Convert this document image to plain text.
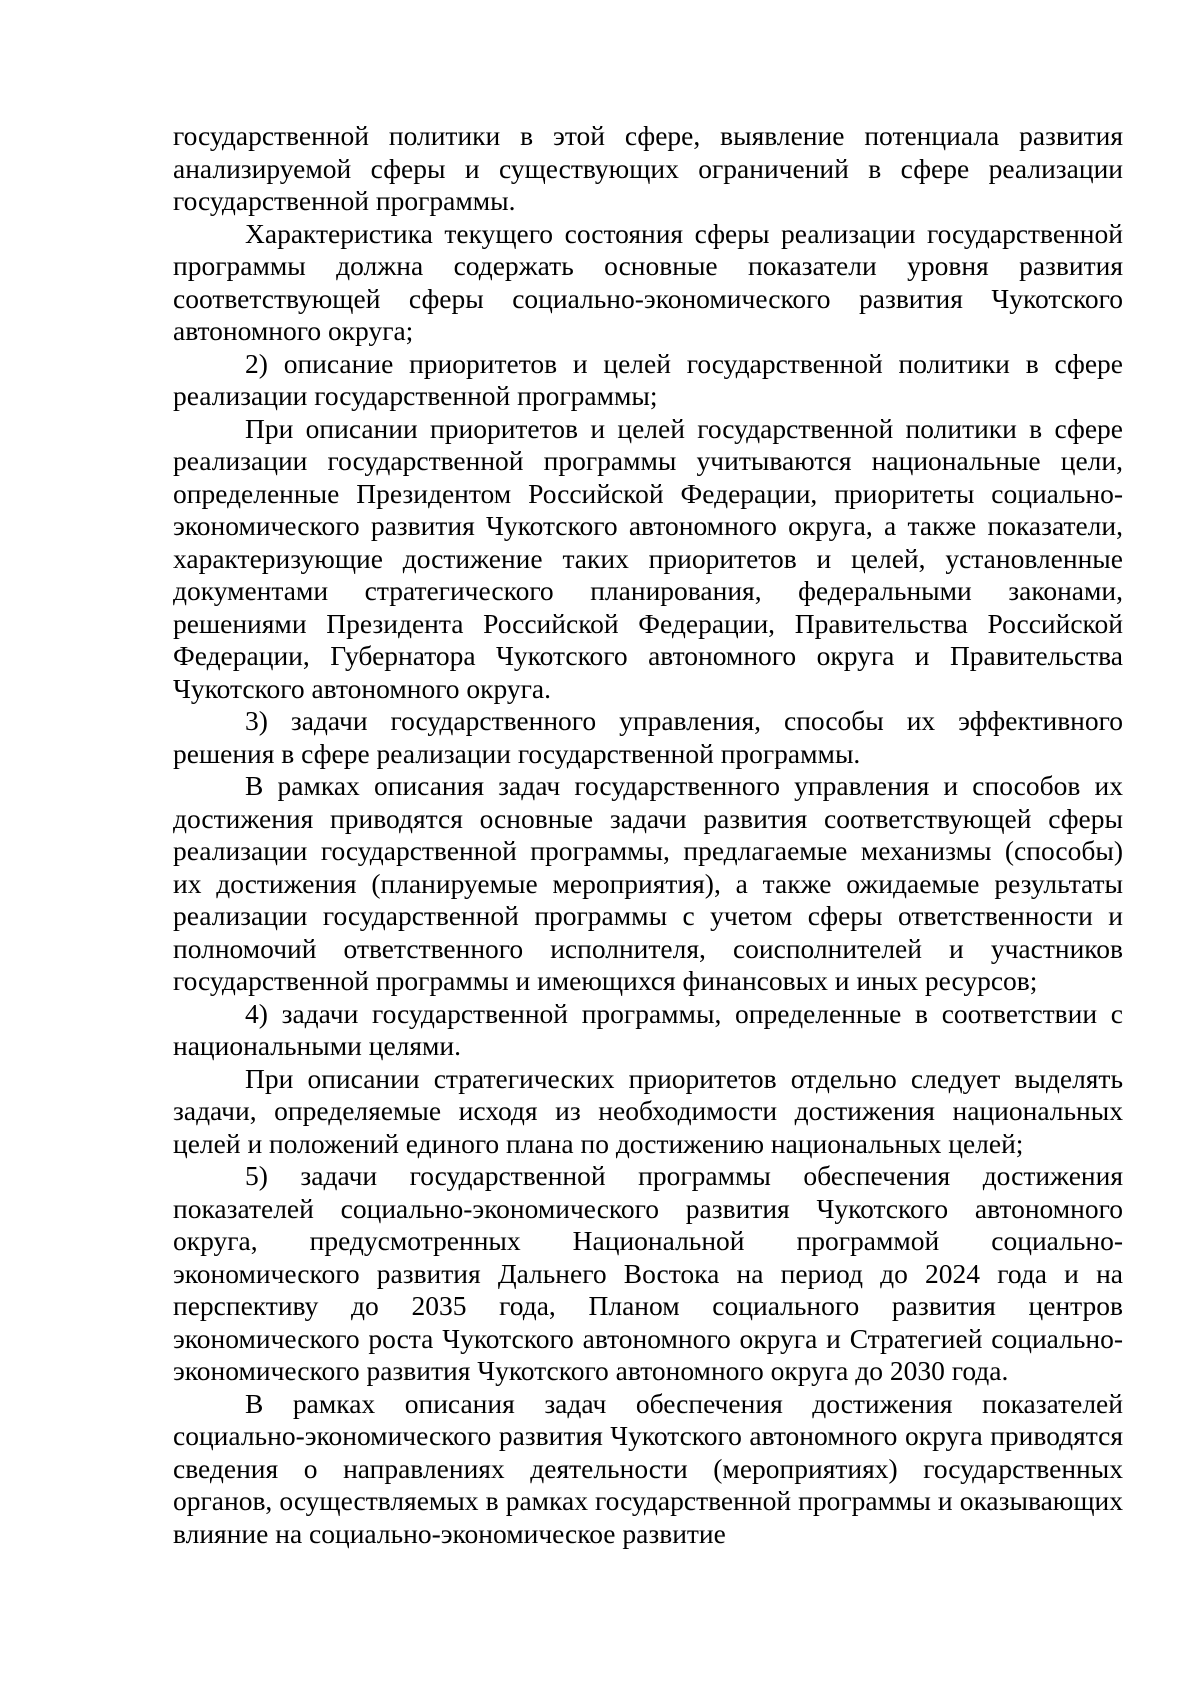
государственной политики в этой сфере, выявление потенциала развития анализируемой сферы и существующих ограничений в сфере реализации государственной программы.

Характеристика текущего состояния сферы реализации государственной программы должна содержать основные показатели уровня развития соответствующей сферы социально-экономического развития Чукотского автономного округа;

2) описание приоритетов и целей государственной политики в сфере реализации государственной программы;

При описании приоритетов и целей государственной политики в сфере реализации государственной программы учитываются национальные цели, определенные Президентом Российской Федерации, приоритеты социально-экономического развития Чукотского автономного округа, а также показатели, характеризующие достижение таких приоритетов и целей, установленные документами стратегического планирования, федеральными законами, решениями Президента Российской Федерации, Правительства Российской Федерации, Губернатора Чукотского автономного округа и Правительства Чукотского автономного округа.

3) задачи государственного управления, способы их эффективного решения в сфере реализации государственной программы.

В рамках описания задач государственного управления и способов их достижения приводятся основные задачи развития соответствующей сферы реализации государственной программы, предлагаемые механизмы (способы) их достижения (планируемые мероприятия), а также ожидаемые результаты реализации государственной программы с учетом сферы ответственности и полномочий ответственного исполнителя, соисполнителей и участников государственной программы и имеющихся финансовых и иных ресурсов;

4) задачи государственной программы, определенные в соответствии с национальными целями.

При описании стратегических приоритетов отдельно следует выделять задачи, определяемые исходя из необходимости достижения национальных целей и положений единого плана по достижению национальных целей;

5) задачи государственной программы обеспечения достижения показателей социально-экономического развития Чукотского автономного округа, предусмотренных Национальной программой социально-экономического развития Дальнего Востока на период до 2024 года и на перспективу до 2035 года, Планом социального развития центров экономического роста Чукотского автономного округа и Стратегией социально-экономического развития Чукотского автономного округа до 2030 года.

В рамках описания задач обеспечения достижения показателей социально-экономического развития Чукотского автономного округа приводятся сведения о направлениях деятельности (мероприятиях) государственных органов, осуществляемых в рамках государственной программы и оказывающих влияние на социально-экономическое развитие
